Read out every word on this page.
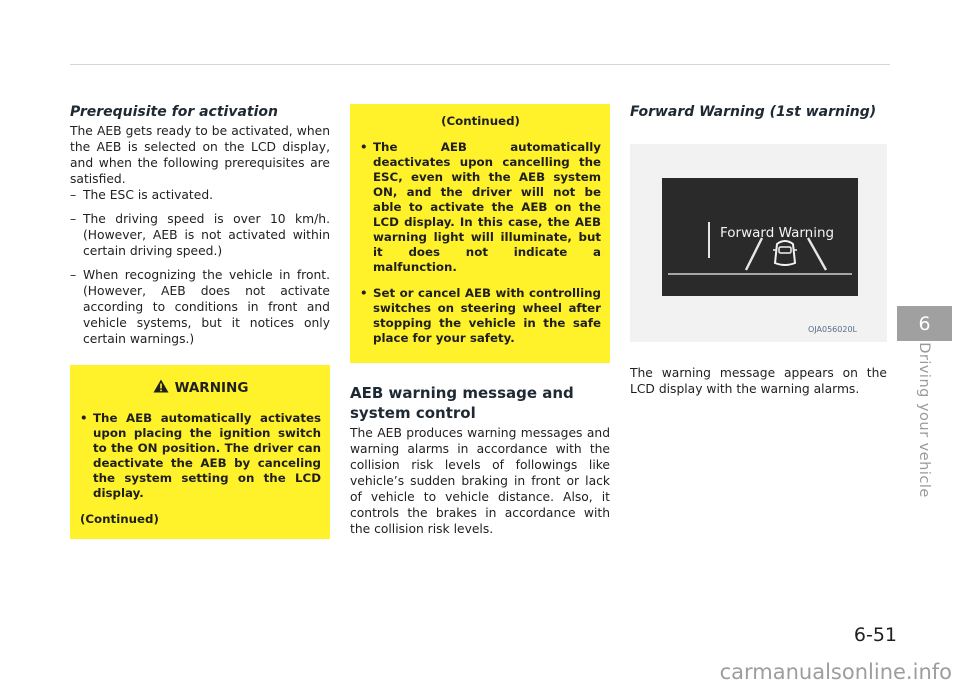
Prerequisite for activation

The AEB gets ready to be activated, when the AEB is selected on the LCD display, and when the following prerequisites are satisfied.

– The ESC is activated.
– The driving speed is over 10 km/h. (However, AEB is not activated within certain driving speed.)
– When recognizing the vehicle in front. (However, AEB does not activate according to conditions in front and vehicle systems, but it notices only certain warnings.)
WARNING
• The AEB automatically activates upon placing the ignition switch to the ON position. The driver can deactivate the AEB by canceling the system setting on the LCD display.
(Continued)
(Continued)
• The AEB automatically deactivates upon cancelling the ESC, even with the AEB system ON, and the driver will not be able to activate the AEB on the LCD display. In this case, the AEB warning light will illuminate, but it does not indicate a malfunction.
• Set or cancel AEB with controlling switches on steering wheel after stopping the vehicle in the safe place for your safety.
AEB warning message and system control

The AEB produces warning messages and warning alarms in accordance with the collision risk levels of followings like vehicle’s sudden braking in front or lack of vehicle to vehicle distance. Also, it controls the brakes in accordance with the collision risk levels.

Forward Warning (1st warning)
Forward Warning
OJA056020L

The warning message appears on the LCD display with the warning alarms.

6
Driving your vehicle
6-51
carmanualsonline.info
